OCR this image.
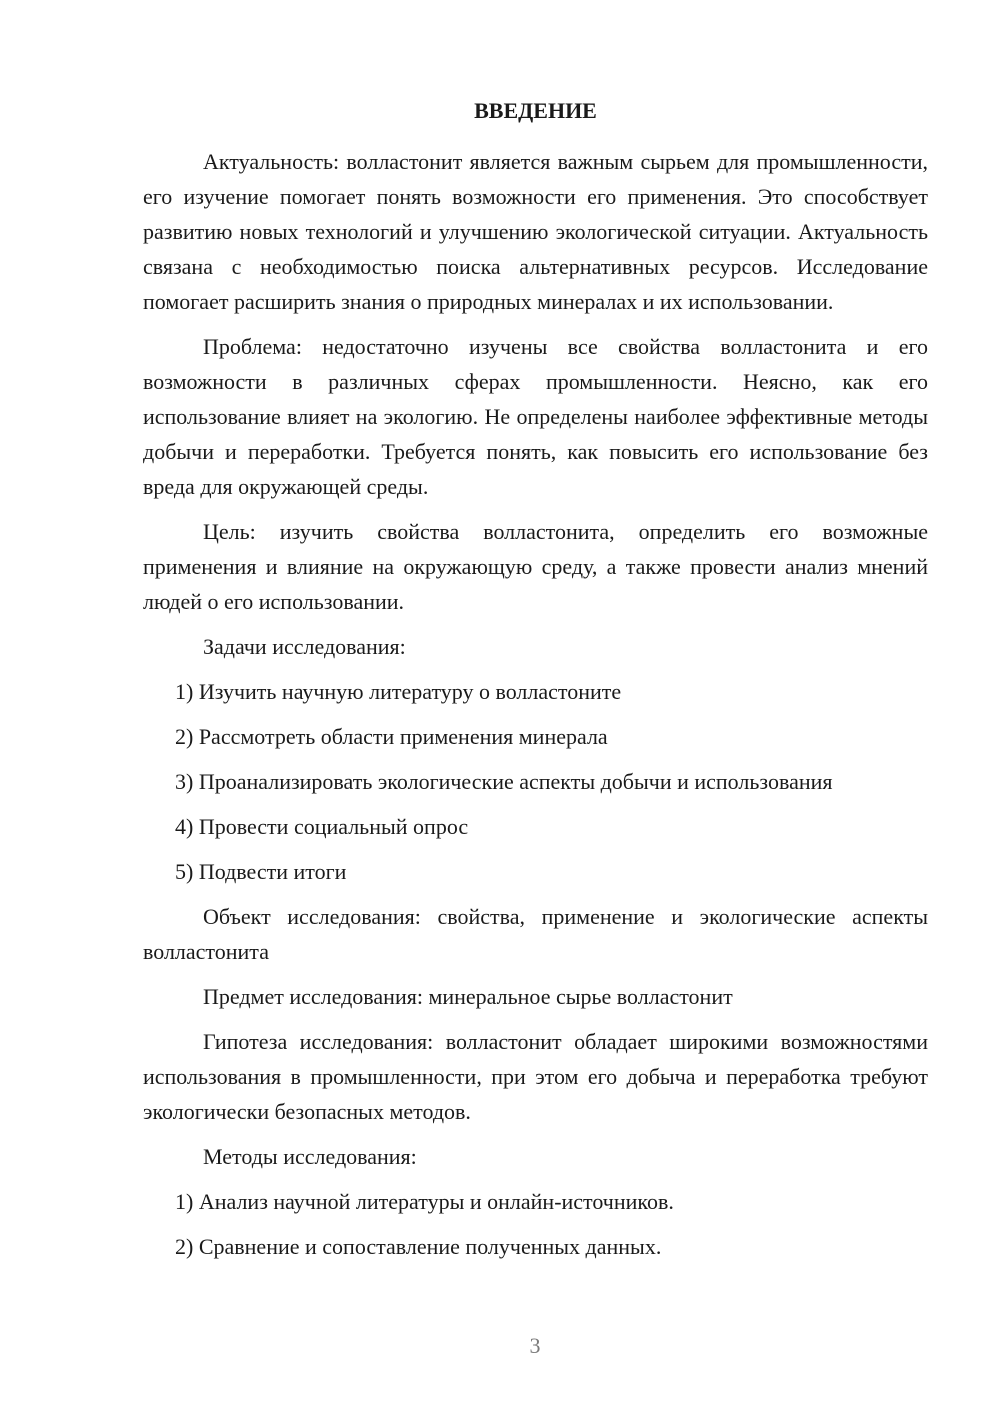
ВВЕДЕНИЕ

Актуальность: волластонит является важным сырьем для промышленности, его изучение помогает понять возможности его применения. Это способствует развитию новых технологий и улучшению экологической ситуации. Актуальность связана с необходимостью поиска альтернативных ресурсов. Исследование помогает расширить знания о природных минералах и их использовании.

Проблема: недостаточно изучены все свойства волластонита и его возможности в различных сферах промышленности. Неясно, как его использование влияет на экологию. Не определены наиболее эффективные методы добычи и переработки. Требуется понять, как повысить его использование без вреда для окружающей среды.

Цель: изучить свойства волластонита, определить его возможные применения и влияние на окружающую среду, а также провести анализ мнений людей о его использовании.

Задачи исследования:

1) Изучить научную литературу о волластоните
2) Рассмотреть области применения минерала
3) Проанализировать экологические аспекты добычи и использования
4) Провести социальный опрос
5) Подвести итоги

Объект исследования: свойства, применение и экологические аспекты волластонита

Предмет исследования: минеральное сырье волластонит

Гипотеза исследования: волластонит обладает широкими возможностями использования в промышленности, при этом его добыча и переработка требуют экологически безопасных методов.

Методы исследования:

1) Анализ научной литературы и онлайн-источников.
2) Сравнение и сопоставление полученных данных.
3
